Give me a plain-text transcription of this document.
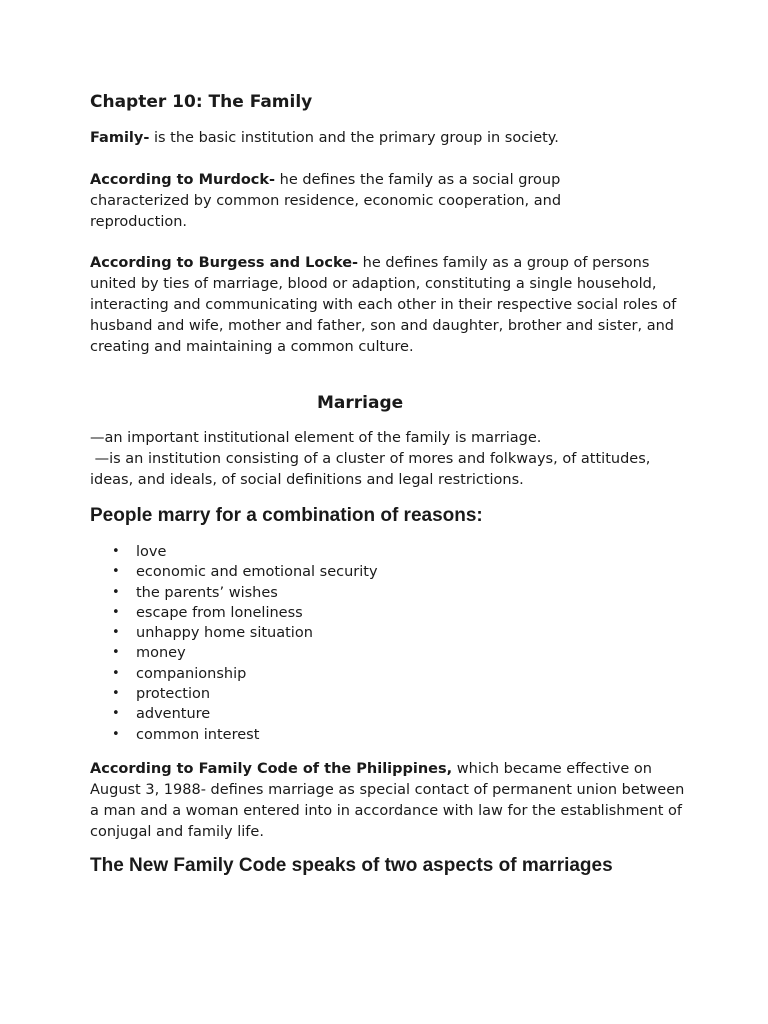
Chapter 10: The Family

Family- is the basic institution and the primary group in society.

According to Murdock- he defines the family as a social group characterized by common residence, economic cooperation, and reproduction.

According to Burgess and Locke- he defines family as a group of persons united by ties of marriage, blood or adaption, constituting a single household, interacting and communicating with each other in their respective social roles of husband and wife, mother and father, son and daughter, brother and sister, and creating and maintaining a common culture.

Marriage

—an important institutional element of the family is marriage.
—is an institution consisting of a cluster of mores and folkways, of attitudes, ideas, and ideals, of social definitions and legal restrictions.

People marry for a combination of reasons:
• love
• economic and emotional security
• the parents’ wishes
• escape from loneliness
• unhappy home situation
• money
• companionship
• protection
• adventure
• common interest

According to Family Code of the Philippines, which became effective on August 3, 1988- defines marriage as special contact of permanent union between a man and a woman entered into in accordance with law for the establishment of conjugal and family life.

The New Family Code speaks of two aspects of marriages
